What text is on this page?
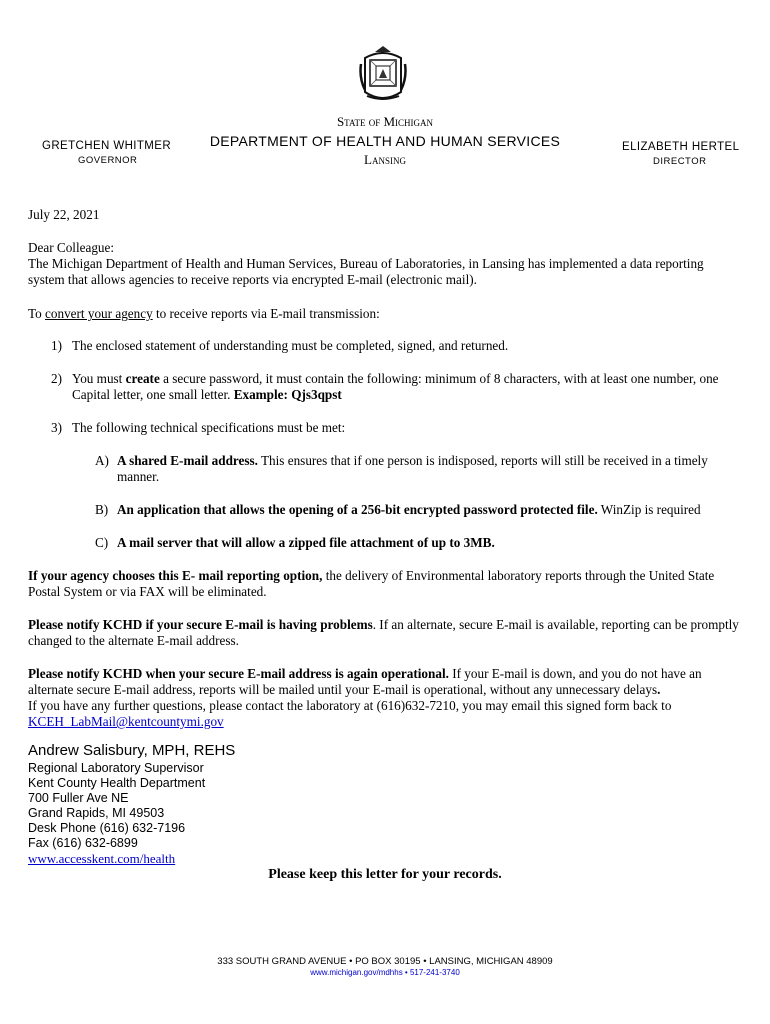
State of Michigan
DEPARTMENT OF HEALTH AND HUMAN SERVICES
Lansing
GRETCHEN WHITMER
GOVERNOR
ELIZABETH HERTEL
DIRECTOR
July 22, 2021
Dear Colleague:
The Michigan Department of Health and Human Services, Bureau of Laboratories, in Lansing has implemented a data reporting system that allows agencies to receive reports via encrypted E-mail (electronic mail).
To convert your agency to receive reports via E-mail transmission:
1) The enclosed statement of understanding must be completed, signed, and returned.
2) You must create a secure password, it must contain the following: minimum of 8 characters, with at least one number, one Capital letter, one small letter. Example: Qjs3qpst
3) The following technical specifications must be met:
A) A shared E-mail address. This ensures that if one person is indisposed, reports will still be received in a timely manner.
B) An application that allows the opening of a 256-bit encrypted password protected file. WinZip is required
C) A mail server that will allow a zipped file attachment of up to 3MB.
If your agency chooses this E- mail reporting option, the delivery of Environmental laboratory reports through the United State Postal System or via FAX will be eliminated.
Please notify KCHD if your secure E-mail is having problems. If an alternate, secure E-mail is available, reporting can be promptly changed to the alternate E-mail address.
Please notify KCHD when your secure E-mail address is again operational. If your E-mail is down, and you do not have an alternate secure E-mail address, reports will be mailed until your E-mail is operational, without any unnecessary delays.
If you have any further questions, please contact the laboratory at (616)632-7210, you may email this signed form back to
KCEH_LabMail@kentcountymi.gov
Andrew Salisbury, MPH, REHS
Regional Laboratory Supervisor
Kent County Health Department
700 Fuller Ave NE
Grand Rapids, MI 49503
Desk Phone (616) 632-7196
Fax (616) 632-6899
www.accesskent.com/health
Please keep this letter for your records.
333 SOUTH GRAND AVENUE • PO BOX 30195 • LANSING, MICHIGAN 48909
www.michigan.gov/mdhhs • 517-241-3740
